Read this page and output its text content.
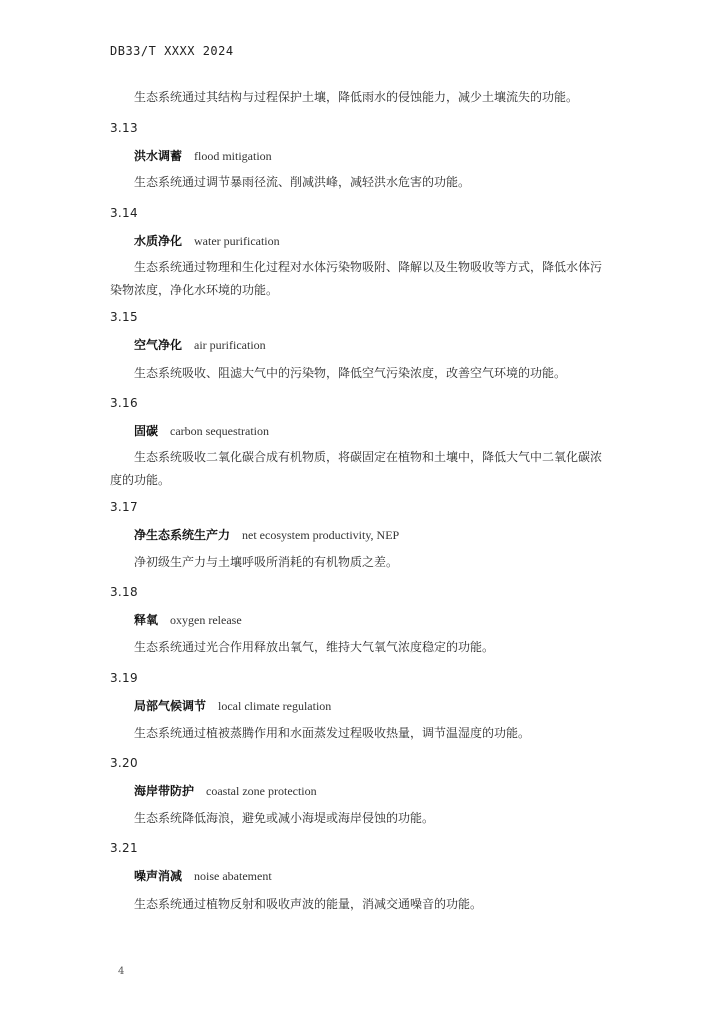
DB33/T XXXX 2024
生态系统通过其结构与过程保护土壤，降低雨水的侵蚀能力，减少土壤流失的功能。
3.13
洪水调蓄 flood mitigation
生态系统通过调节暴雨径流、削减洪峰，减轻洪水危害的功能。
3.14
水质净化 water purification
生态系统通过物理和生化过程对水体污染物吸附、降解以及生物吸收等方式，降低水体污染物浓度，净化水环境的功能。
3.15
空气净化 air purification
生态系统吸收、阻滤大气中的污染物，降低空气污染浓度，改善空气环境的功能。
3.16
固碳 carbon sequestration
生态系统吸收二氧化碳合成有机物质，将碳固定在植物和土壤中，降低大气中二氧化碳浓度的功能。
3.17
净生态系统生产力 net ecosystem productivity, NEP
净初级生产力与土壤呼吸所消耗的有机物质之差。
3.18
释氧 oxygen release
生态系统通过光合作用释放出氧气，维持大气氧气浓度稳定的功能。
3.19
局部气候调节 local climate regulation
生态系统通过植被蒸腾作用和水面蒸发过程吸收热量，调节温湿度的功能。
3.20
海岸带防护 coastal zone protection
生态系统降低海浪，避免或减小海堤或海岸侵蚀的功能。
3.21
噪声消减 noise abatement
生态系统通过植物反射和吸收声波的能量，消减交通噪音的功能。
4
